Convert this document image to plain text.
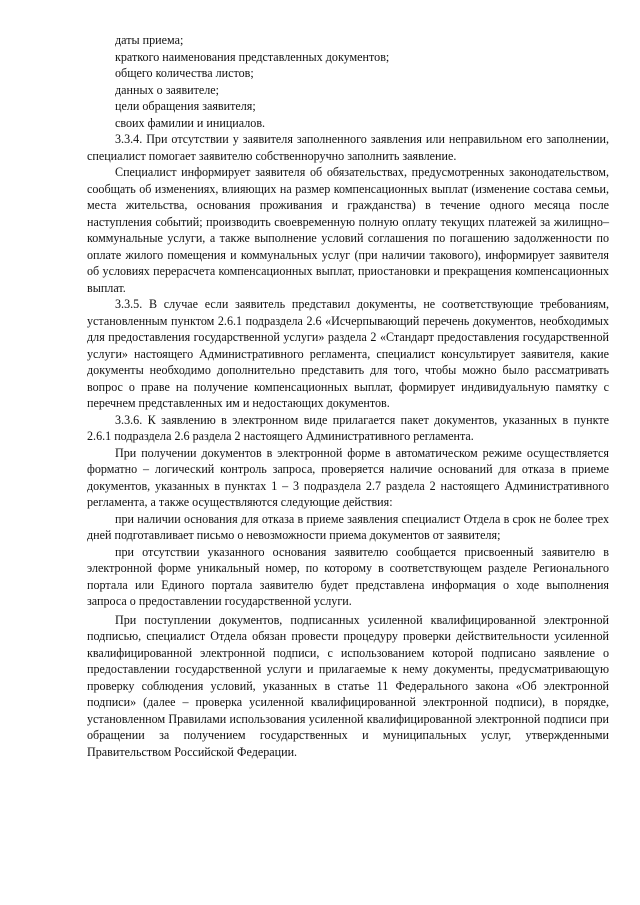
даты приема;

краткого наименования представленных документов;

общего количества листов;

данных о заявителе;

цели обращения заявителя;

своих фамилии и инициалов.

3.3.4. При отсутствии у заявителя заполненного заявления или неправильном его заполнении, специалист помогает заявителю собственноручно заполнить заявление.

Специалист информирует заявителя об обязательствах, предусмотренных законодательством, сообщать об изменениях, влияющих на размер компенсационных выплат (изменение состава семьи, места жительства, основания проживания и гражданства) в течение одного месяца после наступления событий; производить своевременную полную оплату текущих платежей за жилищно–коммунальные услуги, а также выполнение условий соглашения по погашению задолженности по оплате жилого помещения и коммунальных услуг (при наличии такового), информирует заявителя об условиях перерасчета компенсационных выплат, приостановки и прекращения компенсационных выплат.

3.3.5. В случае если заявитель представил документы, не соответствующие требованиям, установленным пунктом 2.6.1 подраздела 2.6 «Исчерпывающий перечень документов, необходимых для предоставления государственной услуги» раздела 2 «Стандарт предоставления государственной услуги» настоящего Административного регламента, специалист консультирует заявителя, какие документы необходимо дополнительно представить для того, чтобы можно было рассматривать вопрос о праве на получение компенсационных выплат, формирует индивидуальную памятку с перечнем представленных им и недостающих документов.

3.3.6. К заявлению в электронном виде прилагается пакет документов, указанных в пункте 2.6.1 подраздела 2.6 раздела 2 настоящего Административного регламента.

При получении документов в электронной форме в автоматическом режиме осуществляется форматно – логический контроль запроса, проверяется наличие оснований для отказа в приеме документов, указанных в пунктах 1 – 3 подраздела 2.7 раздела 2 настоящего Административного регламента, а также осуществляются следующие действия:

при наличии основания для отказа в приеме заявления специалист Отдела в срок не более трех дней подготавливает письмо о невозможности приема документов от заявителя;

при отсутствии указанного основания заявителю сообщается присвоенный заявителю в электронной форме уникальный номер, по которому в соответствующем разделе Регионального портала или Единого портала заявителю будет представлена информация о ходе выполнения запроса о предоставлении государственной услуги.

При поступлении документов, подписанных усиленной квалифицированной электронной подписью, специалист Отдела обязан провести процедуру проверки действительности усиленной квалифицированной электронной подписи, с использованием которой подписано заявление о предоставлении государственной услуги и прилагаемые к нему документы, предусматривающую проверку соблюдения условий, указанных в статье 11 Федерального закона «Об электронной подписи» (далее – проверка усиленной квалифицированной электронной подписи), в порядке, установленном Правилами использования усиленной квалифицированной электронной подписи при обращении за получением государственных и муниципальных услуг, утвержденными Правительством Российской Федерации.
